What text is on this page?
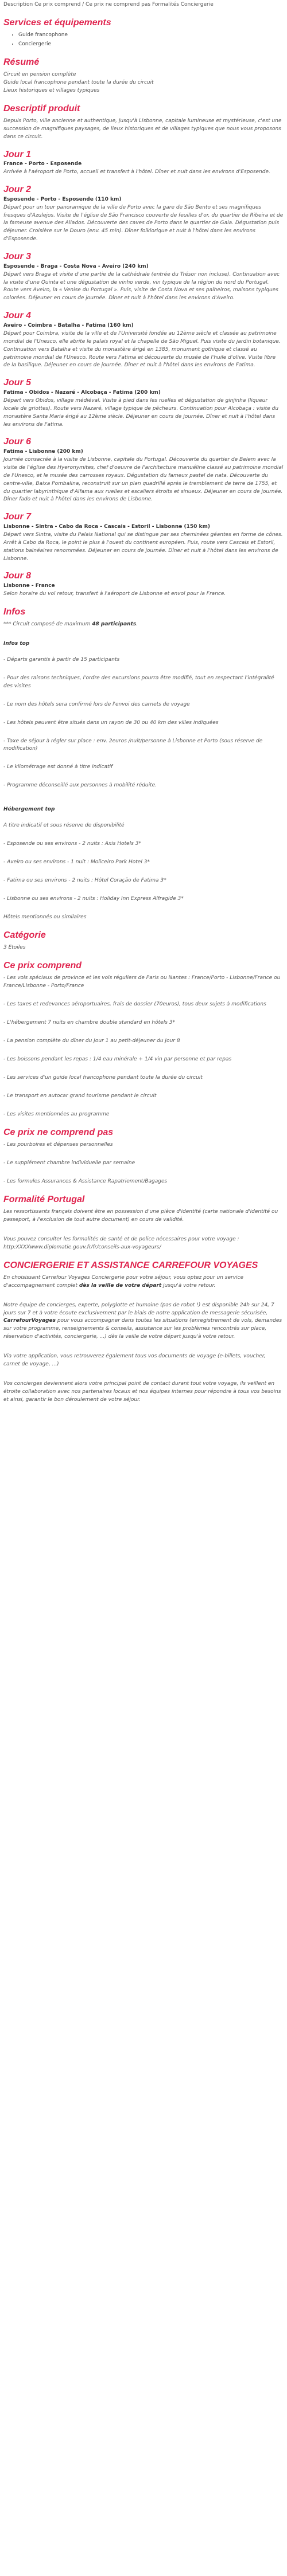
Description Ce prix comprend / Ce prix ne comprend pas Formalités Conciergerie
Services et équipements
• Guide francophone
• Conciergerie
Résumé
Circuit en pension complète
Guide local francophone pendant toute la durée du circuit
Lieux historiques et villages typiques
Descriptif produit

Depuis Porto, ville ancienne et authentique, jusqu'à Lisbonne, capitale lumineuse et mystérieuse, c'est une succession de magnifiques paysages, de lieux historiques et de villages typiques que nous vous proposons dans ce circuit.

Jour 1
France - Porto - Esposende

Arrivée à l'aéroport de Porto, accueil et transfert à l'hôtel. Dîner et nuit dans les environs d'Esposende.

Jour 2
Esposende - Porto - Esposende (110 km)

Départ pour un tour panoramique de la ville de Porto avec la gare de São Bento et ses magnifiques fresques d'Azulejos. Visite de l'église de São Francisco couverte de feuilles d'or, du quartier de Ribeira et de la fameuse avenue des Aliados. Découverte des caves de Porto dans le quartier de Gaia. Dégustation puis déjeuner. Croisière sur le Douro (env. 45 min). Dîner folklorique et nuit à l'hôtel dans les environs d'Esposende.

Jour 3
Esposende - Braga - Costa Nova - Aveiro (240 km)

Départ vers Braga et visite d'une partie de la cathédrale (entrée du Trésor non incluse). Continuation avec la visite d'une Quinta et une dégustation de vinho verde, vin typique de la région du nord du Portugal. Route vers Aveiro, la « Venise du Portugal ». Puis, visite de Costa Nova et ses palheiros, maisons typiques colorées. Déjeuner en cours de journée. Dîner et nuit à l'hôtel dans les environs d'Aveiro.

Jour 4
Aveiro - Coimbra - Batalha - Fatima (160 km)

Départ pour Coimbra, visite de la ville et de l'Université fondée au 12ème siècle et classée au patrimoine mondial de l'Unesco, elle abrite le palais royal et la chapelle de São Miguel. Puis visite du jardin botanique. Continuation vers Batalha et visite du monastère érigé en 1385, monument gothique et classé au patrimoine mondial de l'Unesco. Route vers Fatima et découverte du musée de l'huile d'olive. Visite libre de la basilique. Déjeuner en cours de journée. Dîner et nuit à l'hôtel dans les environs de Fatima.

Jour 5
Fatima - Obidos - Nazaré - Alcobaça - Fatima (200 km)

Départ vers Obidos, village médiéval. Visite à pied dans les ruelles et dégustation de ginjinha (liqueur locale de griottes). Route vers Nazaré, village typique de pêcheurs. Continuation pour Alcobaça : visite du monastère Santa Maria érigé au 12ème siècle. Déjeuner en cours de journée. Dîner et nuit à l'hôtel dans les environs de Fatima.

Jour 6
Fatima - Lisbonne (200 km)

Journée consacrée à la visite de Lisbonne, capitale du Portugal. Découverte du quartier de Belem avec la visite de l'église des Hyeronymites, chef d'oeuvre de l'architecture manuéline classé au patrimoine mondial de l'Unesco, et le musée des carrosses royaux. Dégustation du fameux pastel de nata. Découverte du centre-ville, Baixa Pombalina, reconstruit sur un plan quadrillé après le tremblement de terre de 1755, et du quartier labyrinthique d'Alfama aux ruelles et escaliers étroits et sinueux. Déjeuner en cours de journée. Dîner fado et nuit à l'hôtel dans les environs de Lisbonne.

Jour 7
Lisbonne - Sintra - Cabo da Roca - Cascais - Estoril - Lisbonne (150 km)

Départ vers Sintra, visite du Palais National qui se distingue par ses cheminées géantes en forme de cônes. Arrêt à Cabo da Roca, le point le plus à l'ouest du continent européen. Puis, route vers Cascais et Estoril, stations balnéaires renommées. Déjeuner en cours de journée. Dîner et nuit à l'hôtel dans les environs de Lisbonne.

Jour 8
Lisbonne - France

Selon horaire du vol retour, transfert à l'aéroport de Lisbonne et envol pour la France.

Infos

*** Circuit composé de maximum 48 participants.

Infos top
- Départs garantis à partir de 15 participants
- Pour des raisons techniques, l'ordre des excursions pourra être modifié, tout en respectant l'intégralité des visites
- Le nom des hôtels sera confirmé lors de l'envoi des carnets de voyage
- Les hôtels peuvent être situés dans un rayon de 30 ou 40 km des villes indiquées
- Taxe de séjour à régler sur place : env. 2euros /nuit/personne à Lisbonne et Porto (sous réserve de modification)
- Le kilométrage est donné à titre indicatif
- Programme déconseillé aux personnes à mobilité réduite.
Hébergement top
A titre indicatif et sous réserve de disponibilité
- Esposende ou ses environs - 2 nuits : Axis Hotels 3*
- Aveiro ou ses environs - 1 nuit : Moliceiro Park Hotel 3*
- Fatima ou ses environs - 2 nuits : Hôtel Coração de Fatima 3*
- Lisbonne ou ses environs - 2 nuits : Holiday Inn Express Alfragide 3*
Hôtels mentionnés ou similaires
Catégorie
3 Etoiles
Ce prix comprend
- Les vols spéciaux de province et les vols réguliers de Paris ou Nantes : France/Porto - Lisbonne/France ou France/Lisbonne - Porto/France
- Les taxes et redevances aéroportuaires, frais de dossier (70euros), tous deux sujets à modifications
- L'hébergement 7 nuits en chambre double standard en hôtels 3*
- La pension complète du dîner du Jour 1 au petit-déjeuner du Jour 8
- Les boissons pendant les repas : 1/4 eau minérale + 1/4 vin par personne et par repas
- Les services d'un guide local francophone pendant toute la durée du circuit
- Le transport en autocar grand tourisme pendant le circuit
- Les visites mentionnées au programme
Ce prix ne comprend pas
- Les pourboires et dépenses personnelles
- Le supplément chambre individuelle par semaine
- Les formules Assurances & Assistance Rapatriement/Bagages
Formalité Portugal

Les ressortissants français doivent être en possession d'une pièce d'identité (carte nationale d'identité ou passeport, à l'exclusion de tout autre document) en cours de validité.

Vous pouvez consulter les formalités de santé et de police nécessaires pour votre voyage : http:XXXXwww.diplomatie.gouv.fr/fr/conseils-aux-voyageurs/

CONCIERGERIE ET ASSISTANCE CARREFOUR VOYAGES

En choisissant Carrefour Voyages Conciergerie pour votre séjour, vous optez pour un service d'accompagnement complet dès la veille de votre départ jusqu'à votre retour.

Notre équipe de concierges, experte, polyglotte et humaine (pas de robot !) est disponible 24h sur 24, 7 jours sur 7 et à votre écoute exclusivement par le biais de notre application de messagerie sécurisée, CarrefourVoyages pour vous accompagner dans toutes les situations (enregistrement de vols, demandes sur votre programme, renseignements & conseils, assistance sur les problèmes rencontrés sur place, réservation d'activités, conciergerie, ...) dès la veille de votre départ jusqu'à votre retour.

Via votre application, vous retrouverez également tous vos documents de voyage (e-billets, voucher, carnet de voyage, ...)

Vos concierges deviennent alors votre principal point de contact durant tout votre voyage, ils veillent en étroite collaboration avec nos partenaires locaux et nos équipes internes pour répondre à tous vos besoins et ainsi, garantir le bon déroulement de votre séjour.
